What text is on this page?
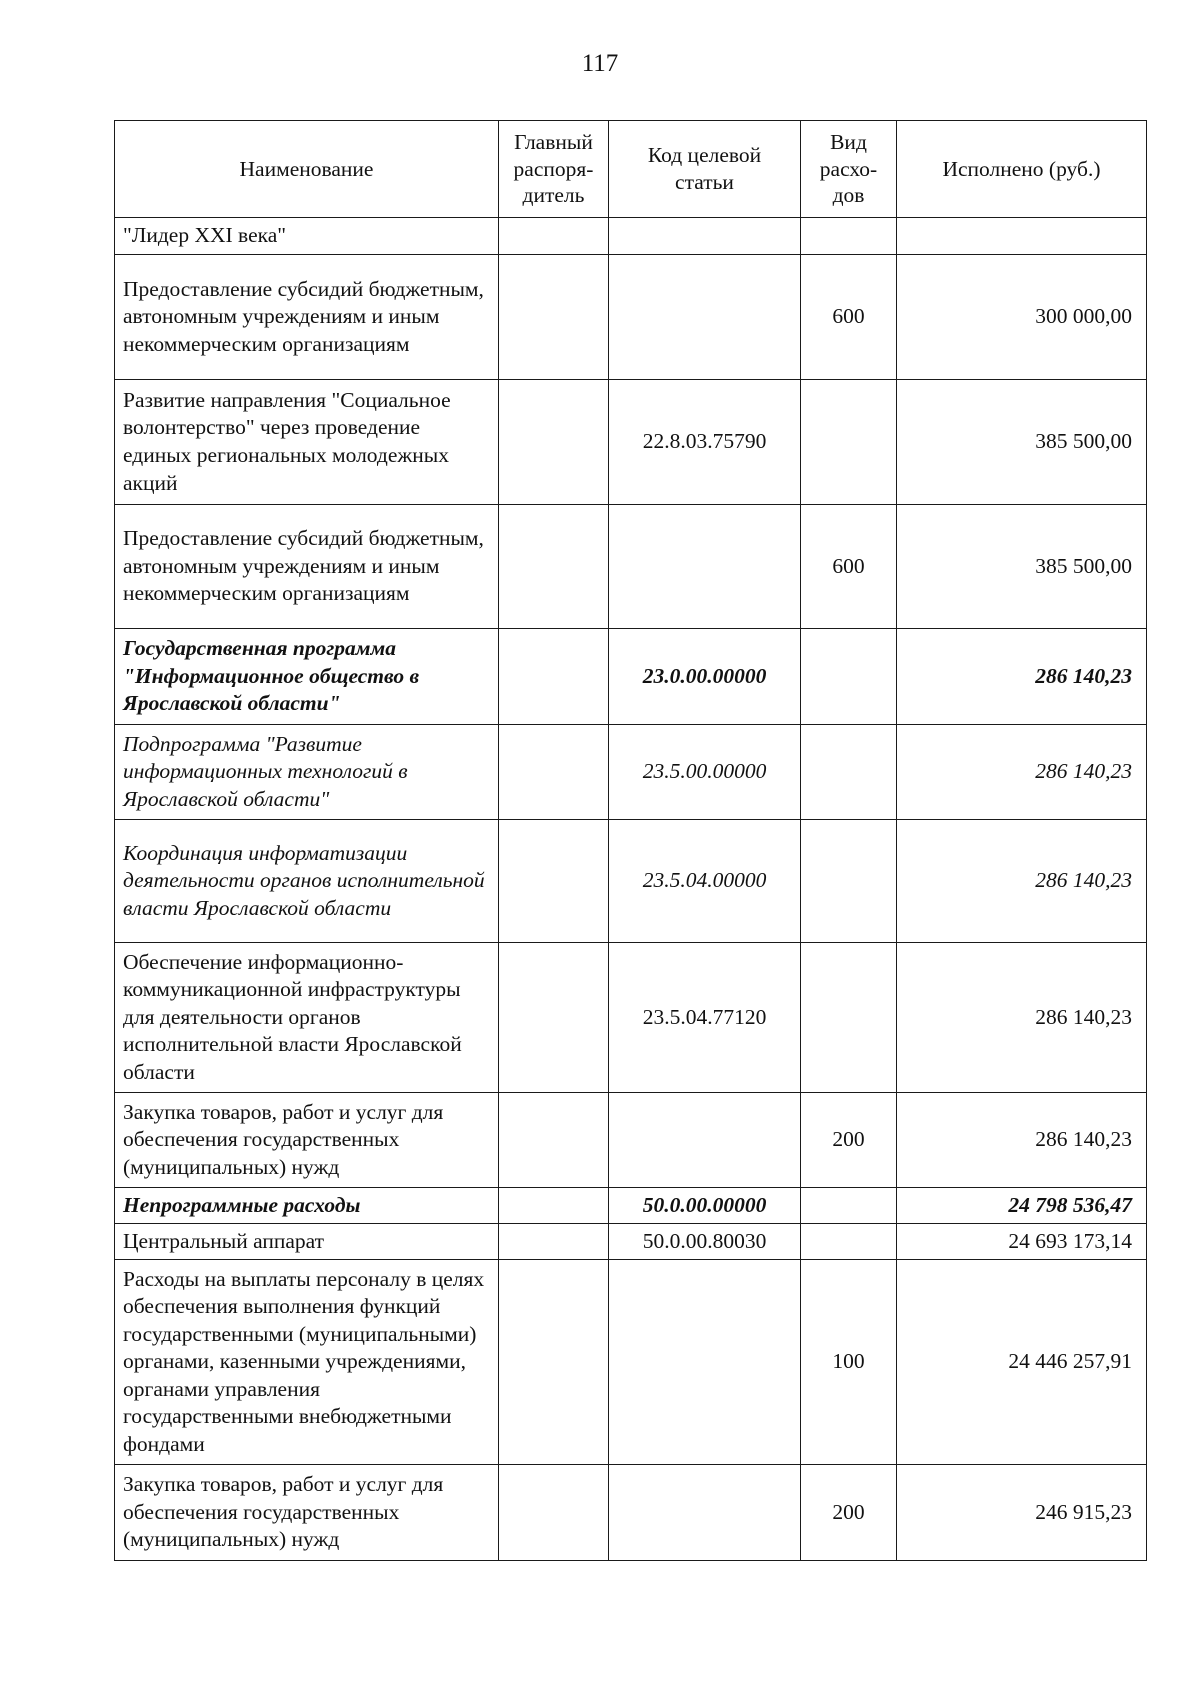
117
Наименование	Главный распоря-дитель	Код целевой статьи	Вид расхо-дов	Исполнено (руб.)
"Лидер XXI века"				
Предоставление субсидий бюджетным, автономным учреждениям и иным некоммерческим организациям			600	300 000,00
Развитие направления "Социальное волонтерство" через проведение единых региональных молодежных акций		22.8.03.75790		385 500,00
Предоставление субсидий бюджетным, автономным учреждениям и иным некоммерческим организациям			600	385 500,00
Государственная программа "Информационное общество в Ярославской области"		23.0.00.00000		286 140,23
Подпрограмма "Развитие информационных технологий в Ярославской области"		23.5.00.00000		286 140,23
Координация информатизации деятельности органов исполнительной власти Ярославской области		23.5.04.00000		286 140,23
Обеспечение информационно-коммуникационной инфраструктуры для деятельности органов исполнительной власти Ярославской области		23.5.04.77120		286 140,23
Закупка товаров, работ и услуг для обеспечения государственных (муниципальных) нужд			200	286 140,23
Непрограммные расходы		50.0.00.00000		24 798 536,47
Центральный аппарат		50.0.00.80030		24 693 173,14
Расходы на выплаты персоналу в целях обеспечения выполнения функций государственными (муниципальными) органами, казенными учреждениями, органами управления государственными внебюджетными фондами			100	24 446 257,91
Закупка товаров, работ и услуг для обеспечения государственных (муниципальных) нужд			200	246 915,23
